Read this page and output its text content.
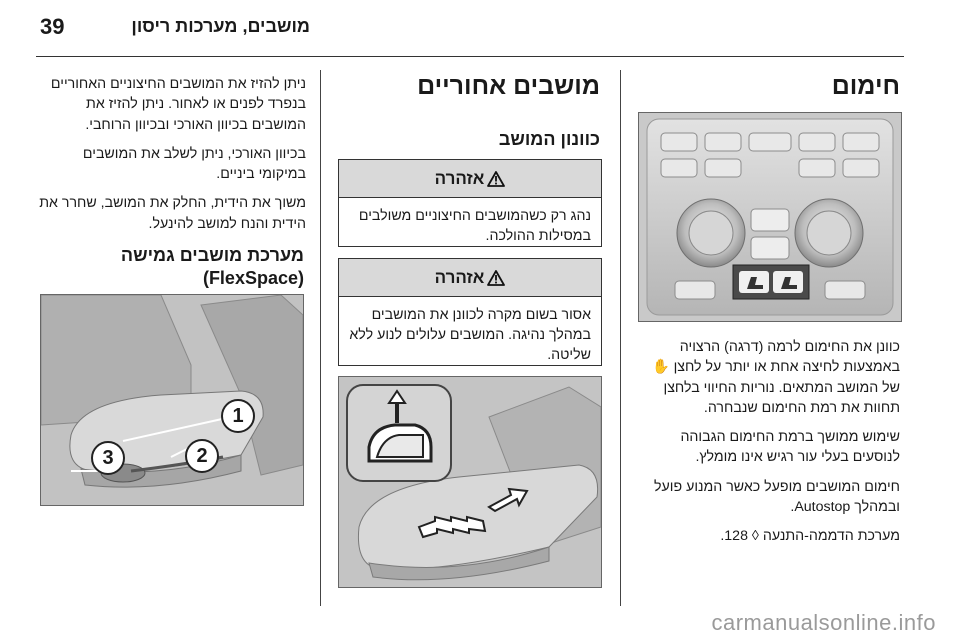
39	מושבים, מערכות ריסון
חימום

כוונן את החימום לרמה (דרגה) הרצויה באמצעות לחיצה אחת או יותר על לחצן ✋ של המושב המתאים. נוריות החיווי בלחצן תחוות את רמת החימום שנבחרה.

שימוש ממושך ברמת החימום הגבוהה לנוסעים בעלי עור רגיש אינו מומלץ.

חימום המושבים מופעל כאשר המנוע פועל ובמהלך Autostop.

מערכת הדממה-התנעה ◊ 128.

מושבים אחוריים
כוונון המושב
אזהרה
נהג רק כשהמושבים החיצוניים משולבים במסילות ההולכה.
אזהרה
אסור בשום מקרה לכוונן את המושבים במהלך נהיגה. המושבים עלולים לנוע ללא שליטה.

ניתן להזיז את המושבים החיצוניים האחוריים בנפרד לפנים או לאחור. ניתן להזיז את המושבים בכיוון האורכי ובכיוון הרוחבי.

בכיוון האורכי, ניתן לשלב את המושבים במיקומי ביניים.

משוך את הידית, החלק את המושב, שחרר את הידית והנח למושב להינעל.

מערכת מושבים גמישה (FlexSpace)
1
2
3
carmanualsonline.info
